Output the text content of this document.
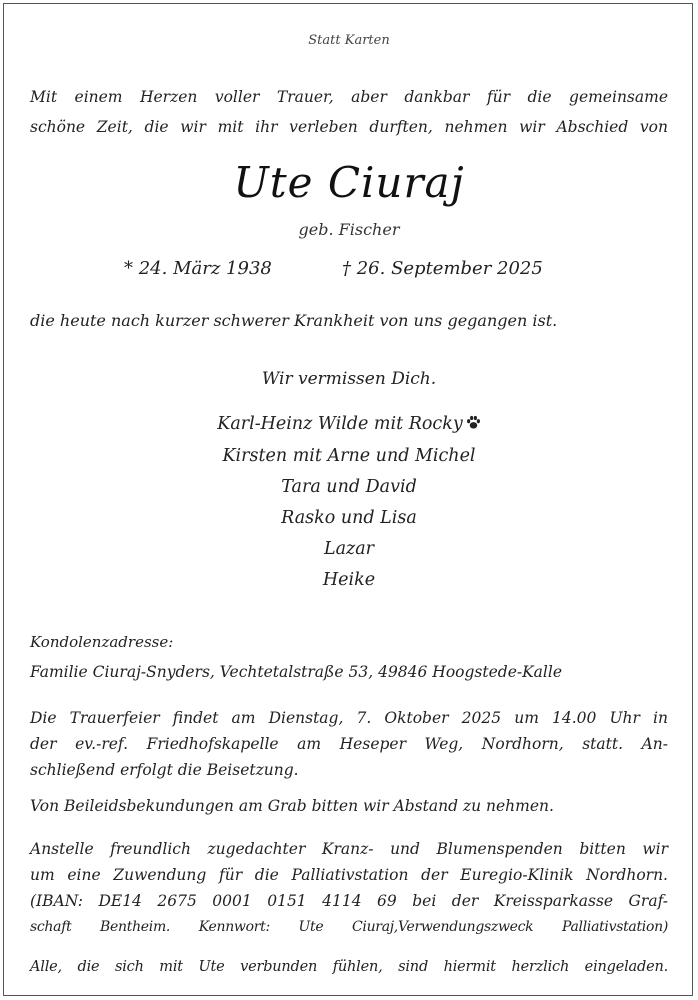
Statt Karten
Mit einem Herzen voller Trauer, aber dankbar für die gemeinsame
schöne Zeit, die wir mit ihr verleben durften, nehmen wir Abschied von
Ute Ciuraj
geb. Fischer
* 24. März 1938	† 26. September 2025
die heute nach kurzer schwerer Krankheit von uns gegangen ist.
Wir vermissen Dich.
Karl-Heinz Wilde mit Rocky
Kirsten mit Arne und Michel
Tara und David
Rasko und Lisa
Lazar
Heike
Kondolenzadresse:
Familie Ciuraj-Snyders, Vechtetalstraße 53, 49846 Hoogstede-Kalle
Die Trauerfeier findet am Dienstag, 7. Oktober 2025 um 14.00 Uhr in
der ev.-ref. Friedhofskapelle am Heseper Weg, Nordhorn, statt. An-
schließend erfolgt die Beisetzung.
Von Beileidsbekundungen am Grab bitten wir Abstand zu nehmen.
Anstelle freundlich zugedachter Kranz- und Blumenspenden bitten wir
um eine Zuwendung für die Palliativstation der Euregio-Klinik Nordhorn.
(IBAN: DE14 2675 0001 0151 4114 69 bei der Kreissparkasse Graf-
schaft Bentheim. Kennwort: Ute Ciuraj,Verwendungszweck Palliativstation)
Alle, die sich mit Ute verbunden fühlen, sind hiermit herzlich eingeladen.
